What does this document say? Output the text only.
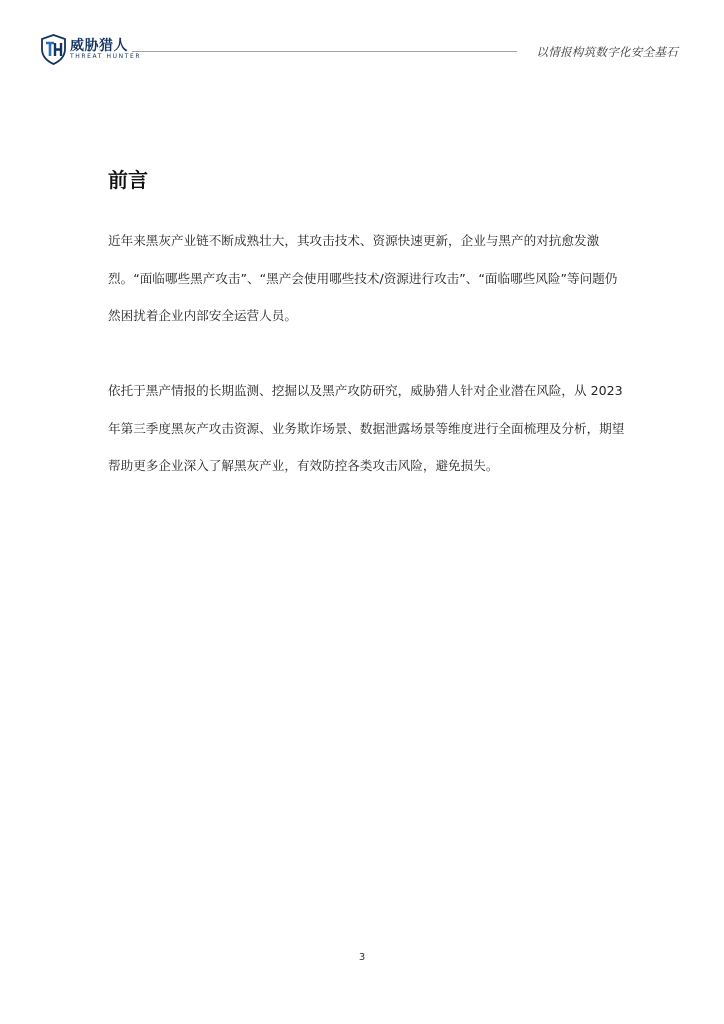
威胁猎人
THREAT HUNTER	以情报构筑数字化安全基石
前言

近年来黑灰产业链不断成熟壮大，其攻击技术、资源快速更新，企业与黑产的对抗愈发激烈。“面临哪些黑产攻击”、“黑产会使用哪些技术/资源进行攻击”、“面临哪些风险”等问题仍然困扰着企业内部安全运营人员。

依托于黑产情报的长期监测、挖掘以及黑产攻防研究，威胁猎人针对企业潜在风险，从 2023 年第三季度黑灰产攻击资源、业务欺诈场景、数据泄露场景等维度进行全面梳理及分析，期望帮助更多企业深入了解黑灰产业，有效防控各类攻击风险，避免损失。

3
